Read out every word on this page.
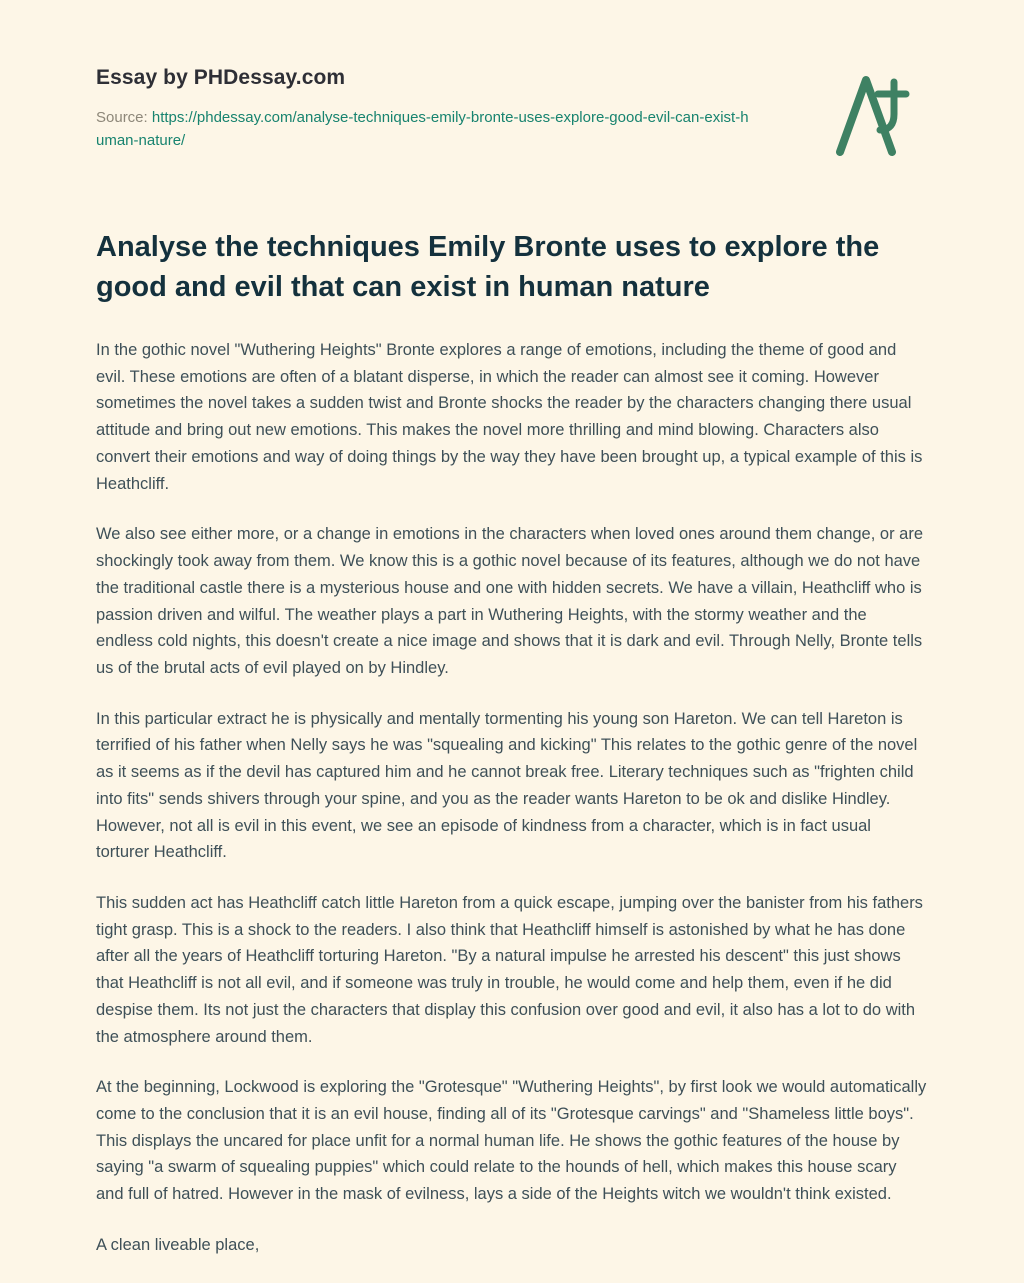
Essay by PHDessay.com
Source: https://phdessay.com/analyse-techniques-emily-bronte-uses-explore-good-evil-can-exist-human-nature/
Analyse the techniques Emily Bronte uses to explore the good and evil that can exist in human nature

In the gothic novel "Wuthering Heights" Bronte explores a range of emotions, including the theme of good and evil. These emotions are often of a blatant disperse, in which the reader can almost see it coming. However sometimes the novel takes a sudden twist and Bronte shocks the reader by the characters changing there usual attitude and bring out new emotions. This makes the novel more thrilling and mind blowing. Characters also convert their emotions and way of doing things by the way they have been brought up, a typical example of this is Heathcliff.

We also see either more, or a change in emotions in the characters when loved ones around them change, or are shockingly took away from them. We know this is a gothic novel because of its features, although we do not have the traditional castle there is a mysterious house and one with hidden secrets. We have a villain, Heathcliff who is passion driven and wilful. The weather plays a part in Wuthering Heights, with the stormy weather and the endless cold nights, this doesn't create a nice image and shows that it is dark and evil. Through Nelly, Bronte tells us of the brutal acts of evil played on by Hindley.

In this particular extract he is physically and mentally tormenting his young son Hareton. We can tell Hareton is terrified of his father when Nelly says he was "squealing and kicking" This relates to the gothic genre of the novel as it seems as if the devil has captured him and he cannot break free. Literary techniques such as "frighten child into fits" sends shivers through your spine, and you as the reader wants Hareton to be ok and dislike Hindley. However, not all is evil in this event, we see an episode of kindness from a character, which is in fact usual torturer Heathcliff.

This sudden act has Heathcliff catch little Hareton from a quick escape, jumping over the banister from his fathers tight grasp. This is a shock to the readers. I also think that Heathcliff himself is astonished by what he has done after all the years of Heathcliff torturing Hareton. "By a natural impulse he arrested his descent" this just shows that Heathcliff is not all evil, and if someone was truly in trouble, he would come and help them, even if he did despise them. Its not just the characters that display this confusion over good and evil, it also has a lot to do with the atmosphere around them.

At the beginning, Lockwood is exploring the "Grotesque" "Wuthering Heights", by first look we would automatically come to the conclusion that it is an evil house, finding all of its "Grotesque carvings" and "Shameless little boys". This displays the uncared for place unfit for a normal human life. He shows the gothic features of the house by saying "a swarm of squealing puppies" which could relate to the hounds of hell, which makes this house scary and full of hatred. However in the mask of evilness, lays a side of the Heights witch we wouldn't think existed.

A clean liveable place,
